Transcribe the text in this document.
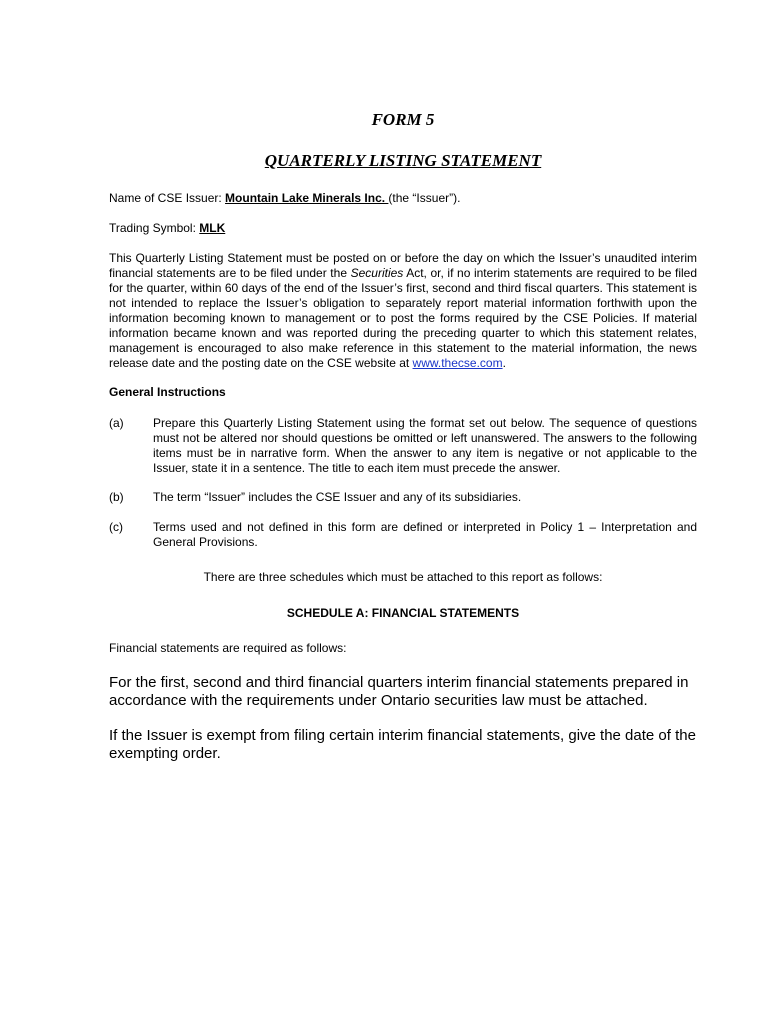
FORM 5
QUARTERLY LISTING STATEMENT

Name of CSE Issuer: Mountain Lake Minerals Inc. (the “Issuer”).

Trading Symbol: MLK

This Quarterly Listing Statement must be posted on or before the day on which the Issuer’s unaudited interim financial statements are to be filed under the Securities Act, or, if no interim statements are required to be filed for the quarter, within 60 days of the end of the Issuer’s first, second and third fiscal quarters. This statement is not intended to replace the Issuer’s obligation to separately report material information forthwith upon the information becoming known to management or to post the forms required by the CSE Policies. If material information became known and was reported during the preceding quarter to which this statement relates, management is encouraged to also make reference in this statement to the material information, the news release date and the posting date on the CSE website at www.thecse.com.

General Instructions

(a) Prepare this Quarterly Listing Statement using the format set out below. The sequence of questions must not be altered nor should questions be omitted or left unanswered. The answers to the following items must be in narrative form. When the answer to any item is negative or not applicable to the Issuer, state it in a sentence. The title to each item must precede the answer.
(b) The term “Issuer” includes the CSE Issuer and any of its subsidiaries.
(c)	Terms used and not defined in this form are defined or interpreted in Policy 1 – Interpretation and General Provisions.

There are three schedules which must be attached to this report as follows:

SCHEDULE A: FINANCIAL STATEMENTS

Financial statements are required as follows:

For the first, second and third financial quarters interim financial statements prepared in accordance with the requirements under Ontario securities law must be attached.

If the Issuer is exempt from filing certain interim financial statements, give the date of the exempting order.
